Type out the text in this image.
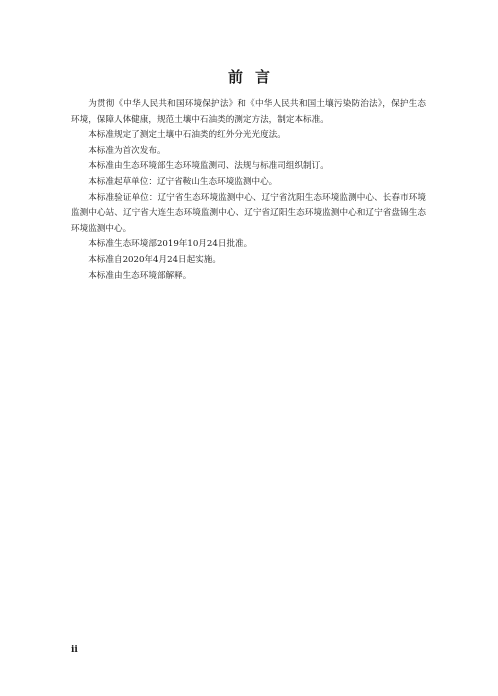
前言

为贯彻《中华人民共和国环境保护法》和《中华人民共和国土壤污染防治法》，保护生态环境，保障人体健康，规范土壤中石油类的测定方法，制定本标准。

本标准规定了测定土壤中石油类的红外分光光度法。

本标准为首次发布。

本标准由生态环境部生态环境监测司、法规与标准司组织制订。

本标准起草单位：辽宁省鞍山生态环境监测中心。

本标准验证单位：辽宁省生态环境监测中心、辽宁省沈阳生态环境监测中心、长春市环境监测中心站、辽宁省大连生态环境监测中心、辽宁省辽阳生态环境监测中心和辽宁省盘锦生态环境监测中心。

本标准生态环境部2019年10月24日批准。

本标准自2020年4月24日起实施。

本标准由生态环境部解释。

ii
